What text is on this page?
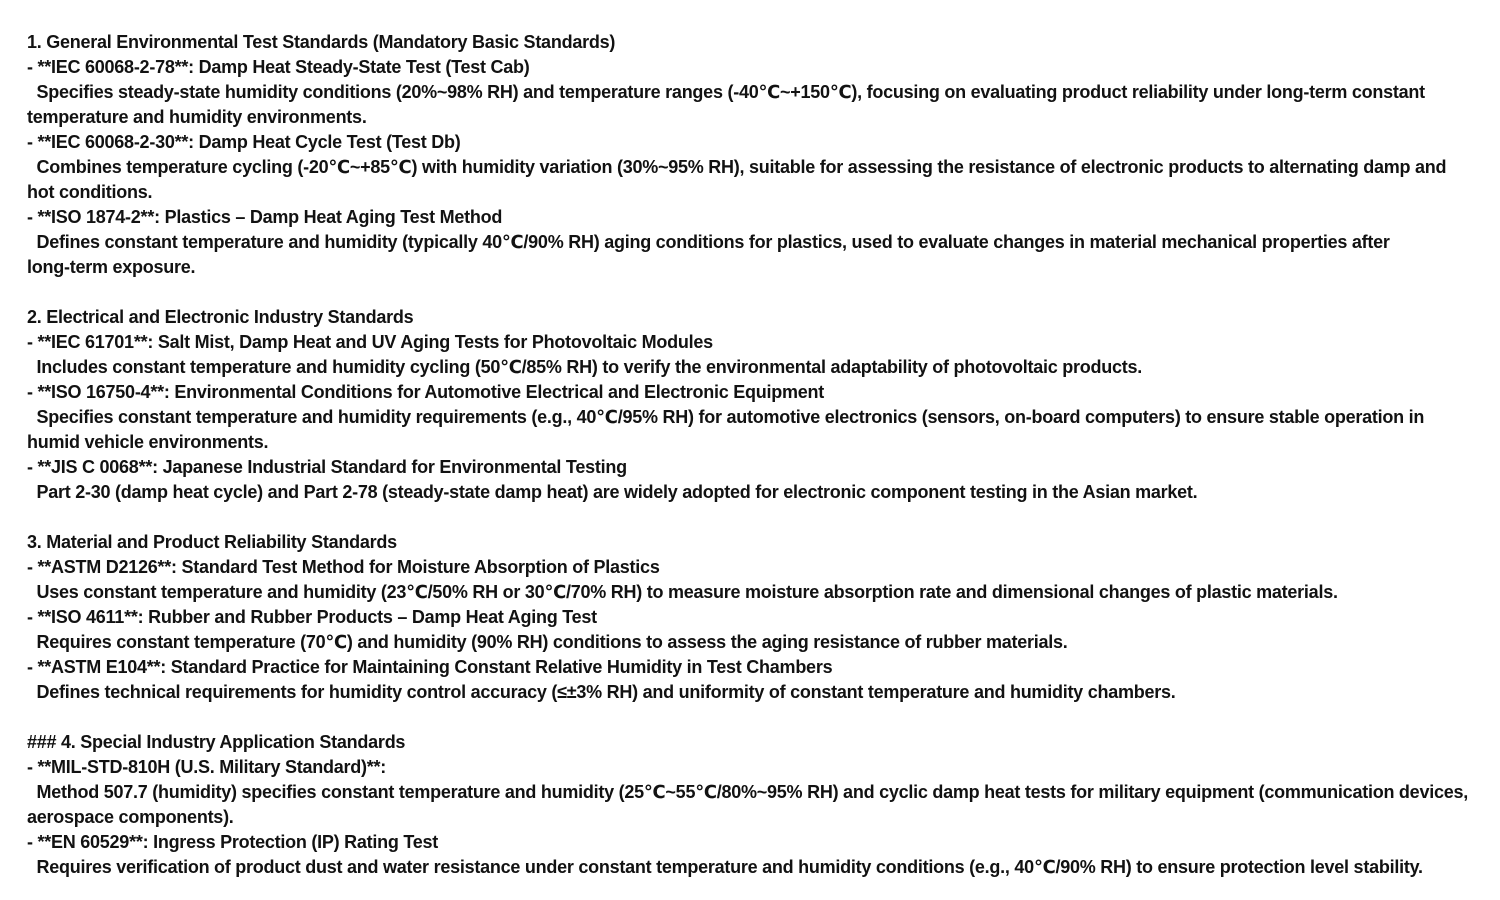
1. General Environmental Test Standards (Mandatory Basic Standards)
- **IEC 60068-2-78**: Damp Heat Steady-State Test (Test Cab)
Specifies steady-state humidity conditions (20%~98% RH) and temperature ranges (-40℃~+150℃), focusing on evaluating product reliability under long-term constant
temperature and humidity environments.
- **IEC 60068-2-30**: Damp Heat Cycle Test (Test Db)
Combines temperature cycling (-20℃~+85℃) with humidity variation (30%~95% RH), suitable for assessing the resistance of electronic products to alternating damp and
hot conditions.
- **ISO 1874-2**: Plastics – Damp Heat Aging Test Method
Defines constant temperature and humidity (typically 40℃/90% RH) aging conditions for plastics, used to evaluate changes in material mechanical properties after
long-term exposure.
2. Electrical and Electronic Industry Standards
- **IEC 61701**: Salt Mist, Damp Heat and UV Aging Tests for Photovoltaic Modules
Includes constant temperature and humidity cycling (50℃/85% RH) to verify the environmental adaptability of photovoltaic products.
- **ISO 16750-4**: Environmental Conditions for Automotive Electrical and Electronic Equipment
Specifies constant temperature and humidity requirements (e.g., 40℃/95% RH) for automotive electronics (sensors, on-board computers) to ensure stable operation in
humid vehicle environments.
- **JIS C 0068**: Japanese Industrial Standard for Environmental Testing
Part 2-30 (damp heat cycle) and Part 2-78 (steady-state damp heat) are widely adopted for electronic component testing in the Asian market.
3. Material and Product Reliability Standards
- **ASTM D2126**: Standard Test Method for Moisture Absorption of Plastics
Uses constant temperature and humidity (23℃/50% RH or 30℃/70% RH) to measure moisture absorption rate and dimensional changes of plastic materials.
- **ISO 4611**: Rubber and Rubber Products – Damp Heat Aging Test
Requires constant temperature (70℃) and humidity (90% RH) conditions to assess the aging resistance of rubber materials.
- **ASTM E104**: Standard Practice for Maintaining Constant Relative Humidity in Test Chambers
Defines technical requirements for humidity control accuracy (≤±3% RH) and uniformity of constant temperature and humidity chambers.
### 4. Special Industry Application Standards
- **MIL-STD-810H (U.S. Military Standard)**:
Method 507.7 (humidity) specifies constant temperature and humidity (25℃~55℃/80%~95% RH) and cyclic damp heat tests for military equipment (communication devices,
aerospace components).
- **EN 60529**: Ingress Protection (IP) Rating Test
Requires verification of product dust and water resistance under constant temperature and humidity conditions (e.g., 40℃/90% RH) to ensure protection level stability.
